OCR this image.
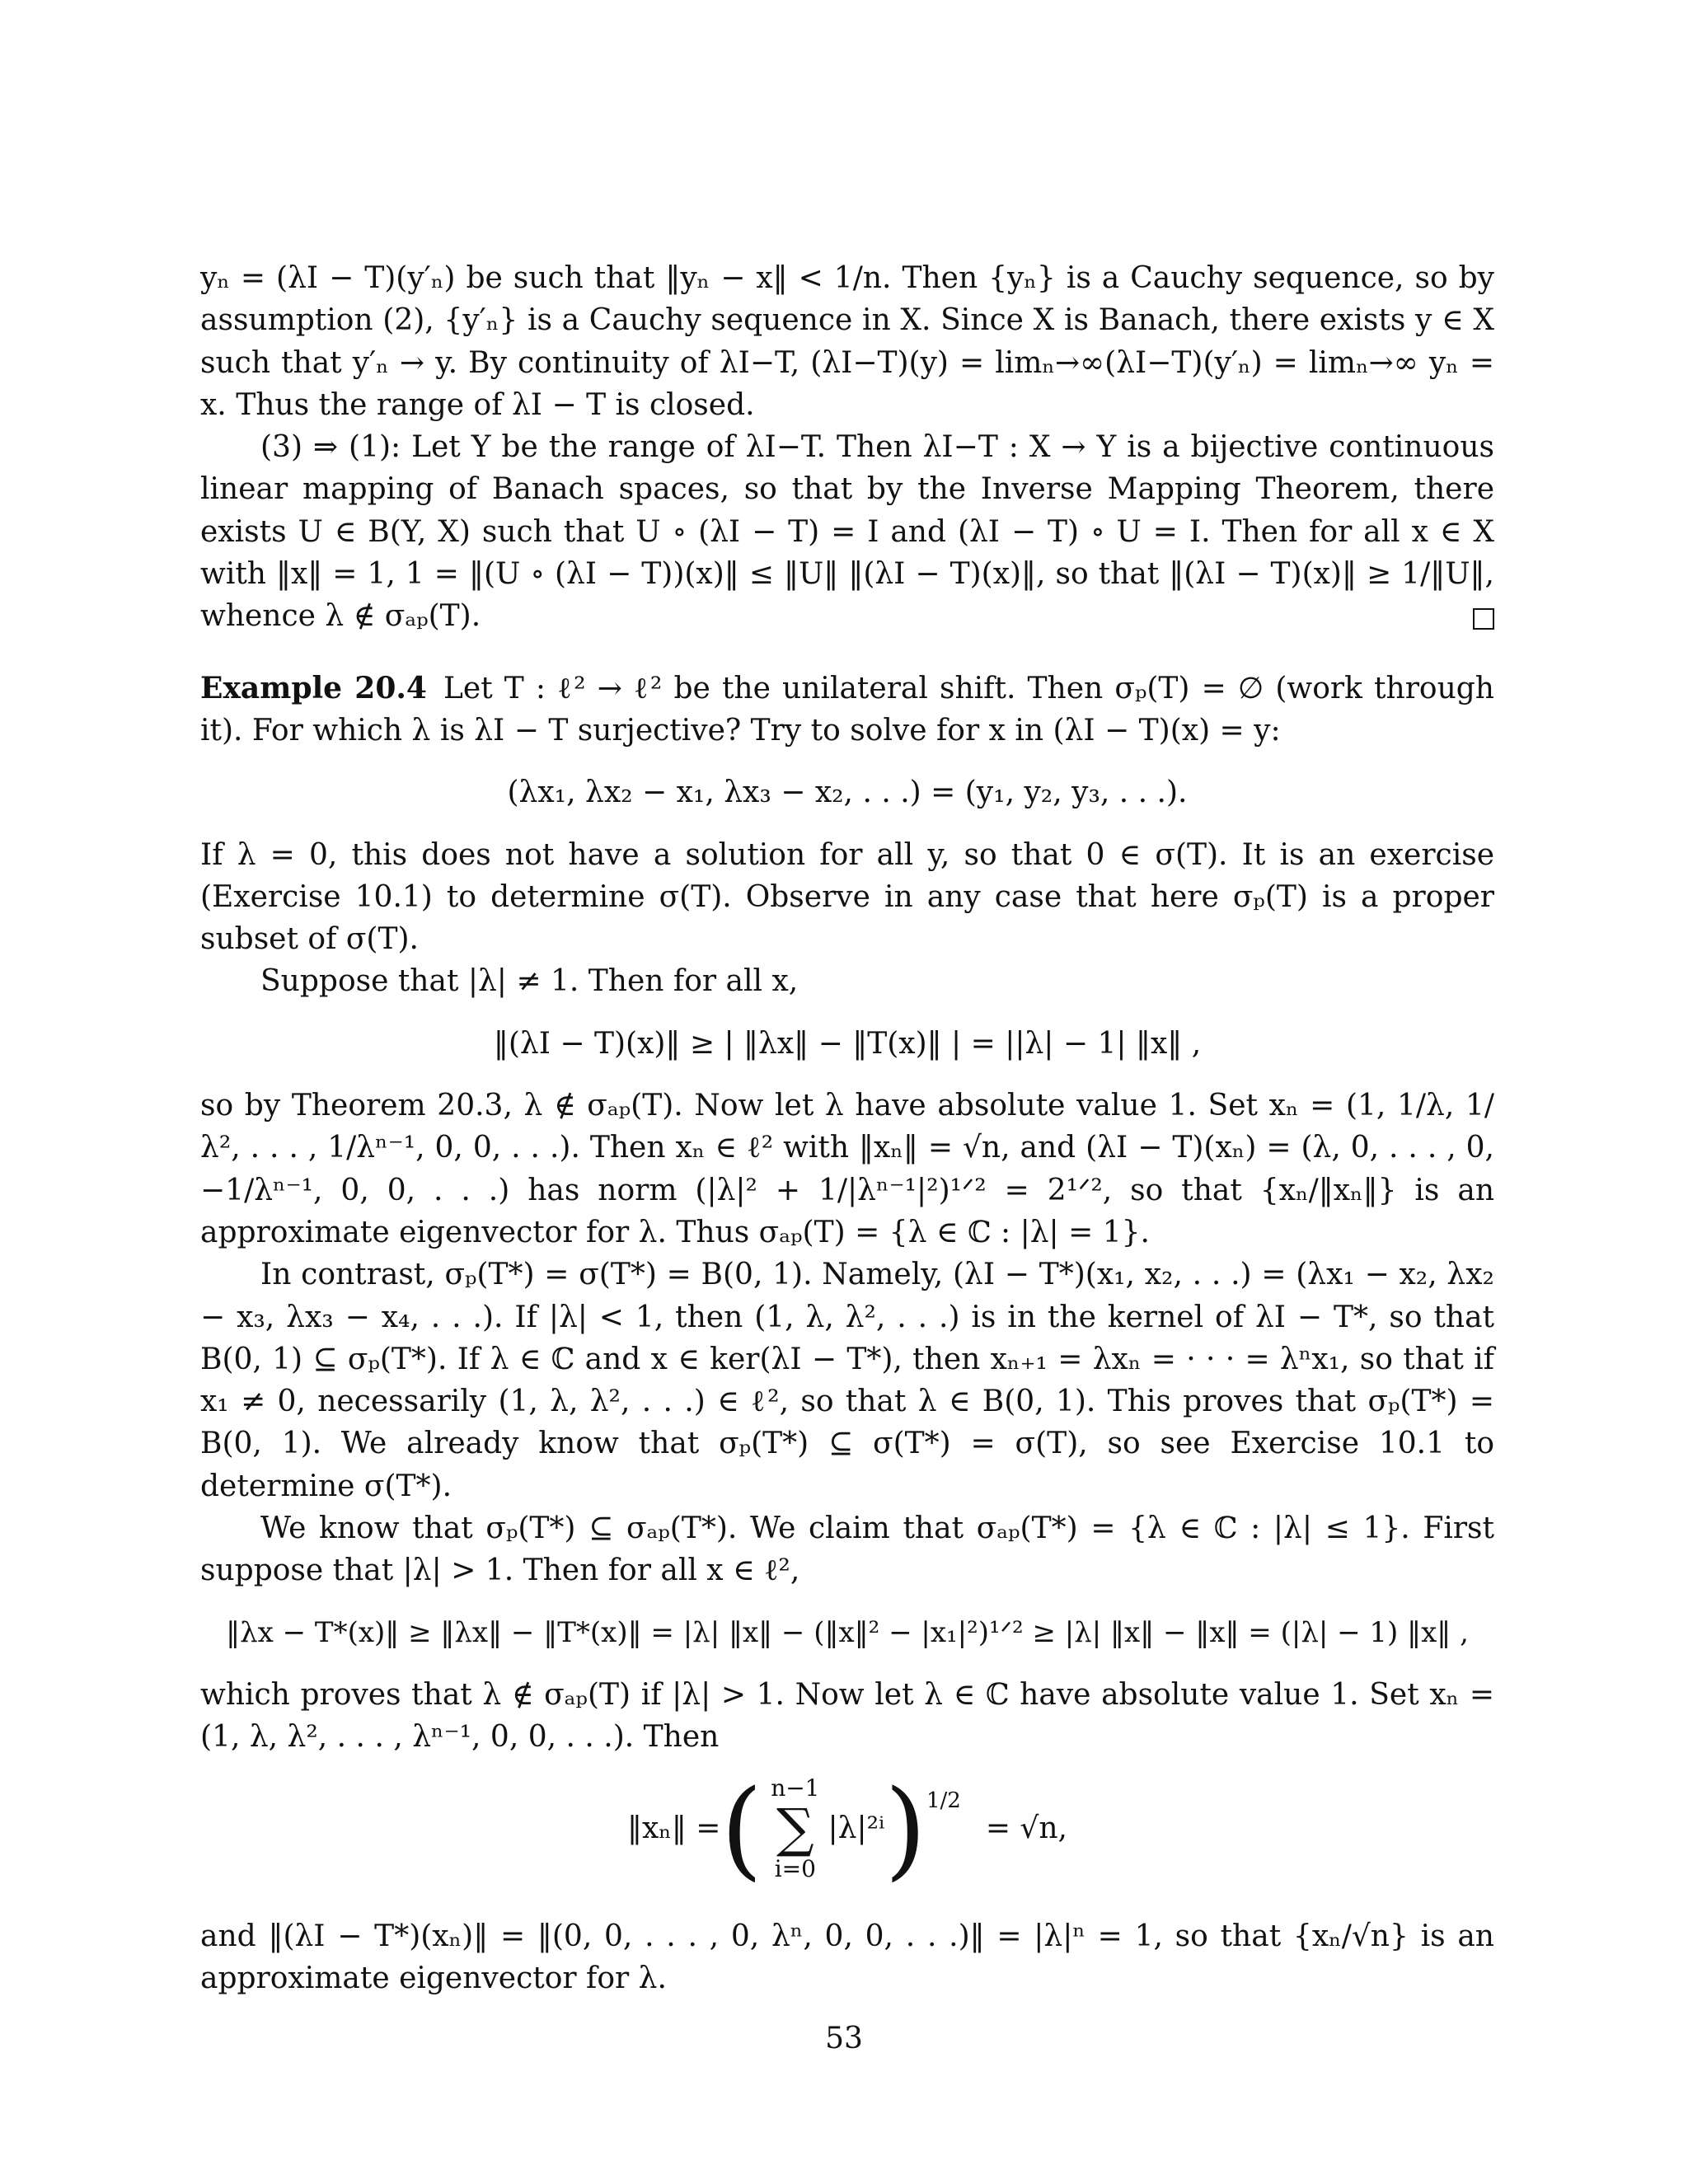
yₙ = (λI − T)(y′ₙ) be such that ‖yₙ − x‖ < 1/n. Then {yₙ} is a Cauchy sequence, so by assumption (2), {y′ₙ} is a Cauchy sequence in X. Since X is Banach, there exists y ∈ X such that y′ₙ → y. By continuity of λI−T, (λI−T)(y) = limₙ→∞(λI−T)(y′ₙ) = limₙ→∞ yₙ = x. Thus the range of λI − T is closed.

(3) ⇒ (1): Let Y be the range of λI−T. Then λI−T : X → Y is a bijective continuous linear mapping of Banach spaces, so that by the Inverse Mapping Theorem, there exists U ∈ B(Y, X) such that U ∘ (λI − T) = I and (λI − T) ∘ U = I. Then for all x ∈ X with ‖x‖ = 1, 1 = ‖(U ∘ (λI − T))(x)‖ ≤ ‖U‖ ‖(λI − T)(x)‖, so that ‖(λI − T)(x)‖ ≥ 1/‖U‖, whence λ ∉ σₐₚ(T).

Example 20.4 Let T : ℓ² → ℓ² be the unilateral shift. Then σₚ(T) = ∅ (work through it). For which λ is λI − T surjective? Try to solve for x in (λI − T)(x) = y:

(λx₁, λx₂ − x₁, λx₃ − x₂, . . .) = (y₁, y₂, y₃, . . .).

If λ = 0, this does not have a solution for all y, so that 0 ∈ σ(T). It is an exercise (Exercise 10.1) to determine σ(T). Observe in any case that here σₚ(T) is a proper subset of σ(T).

Suppose that |λ| ≠ 1. Then for all x,

‖(λI − T)(x)‖ ≥ | ‖λx‖ − ‖T(x)‖ | = ||λ| − 1| ‖x‖ ,

so by Theorem 20.3, λ ∉ σₐₚ(T). Now let λ have absolute value 1. Set xₙ = (1, 1/λ, 1/λ², . . . , 1/λⁿ⁻¹, 0, 0, . . .). Then xₙ ∈ ℓ² with ‖xₙ‖ = √n, and (λI − T)(xₙ) = (λ, 0, . . . , 0, −1/λⁿ⁻¹, 0, 0, . . .) has norm (|λ|² + 1/|λⁿ⁻¹|²)¹ᐟ² = 2¹ᐟ², so that {xₙ/‖xₙ‖} is an approximate eigenvector for λ. Thus σₐₚ(T) = {λ ∈ ℂ : |λ| = 1}.

In contrast, σₚ(T*) = σ(T*) = B(0, 1). Namely, (λI − T*)(x₁, x₂, . . .) = (λx₁ − x₂, λx₂ − x₃, λx₃ − x₄, . . .). If |λ| < 1, then (1, λ, λ², . . .) is in the kernel of λI − T*, so that B(0, 1) ⊆ σₚ(T*). If λ ∈ ℂ and x ∈ ker(λI − T*), then xₙ₊₁ = λxₙ = · · · = λⁿx₁, so that if x₁ ≠ 0, necessarily (1, λ, λ², . . .) ∈ ℓ², so that λ ∈ B(0, 1). This proves that σₚ(T*) = B(0, 1). We already know that σₚ(T*) ⊆ σ(T*) = σ(T), so see Exercise 10.1 to determine σ(T*).

We know that σₚ(T*) ⊆ σₐₚ(T*). We claim that σₐₚ(T*) = {λ ∈ ℂ : |λ| ≤ 1}. First suppose that |λ| > 1. Then for all x ∈ ℓ²,

‖λx − T*(x)‖ ≥ ‖λx‖ − ‖T*(x)‖ = |λ| ‖x‖ − (‖x‖² − |x₁|²)¹ᐟ² ≥ |λ| ‖x‖ − ‖x‖ = (|λ| − 1) ‖x‖ ,

which proves that λ ∉ σₐₚ(T) if |λ| > 1. Now let λ ∈ ℂ have absolute value 1. Set xₙ = (1, λ, λ², . . . , λⁿ⁻¹, 0, 0, . . .). Then

‖xₙ‖ = ( n−1
∑
i=0
|λ|²ⁱ ) 1/2
= √n,

and ‖(λI − T*)(xₙ)‖ = ‖(0, 0, . . . , 0, λⁿ, 0, 0, . . .)‖ = |λ|ⁿ = 1, so that {xₙ/√n} is an approximate eigenvector for λ.

53
